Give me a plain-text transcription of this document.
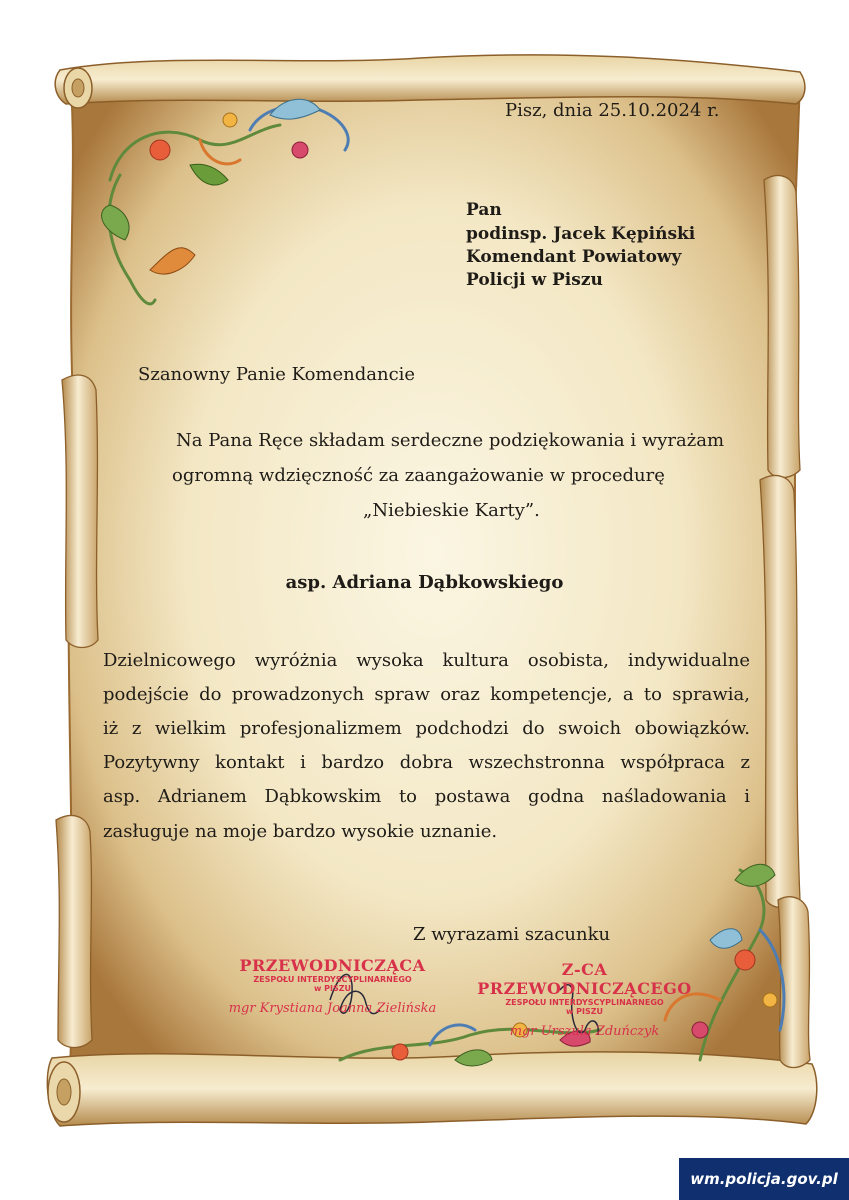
Pisz, dnia 25.10.2024 r.
Pan
podinsp. Jacek Kępiński
Komendant Powiatowy
Policji w Piszu
Szanowny Panie Komendancie
Na Pana Ręce składam serdeczne podziękowania i wyrażam
ogromną wdzięczność za zaangażowanie w procedurę
„Niebieskie Karty”.
asp. Adriana Dąbkowskiego
Dzielnicowego wyróżnia wysoka kultura osobista, indywidualne
podejście do prowadzonych spraw oraz kompetencje, a to sprawia,
iż z wielkim profesjonalizmem podchodzi do swoich obowiązków.
Pozytywny kontakt i bardzo dobra wszechstronna współpraca z
asp. Adrianem Dąbkowskim to postawa godna naśladowania i
zasługuje na moje bardzo wysokie uznanie.
Z wyrazami szacunku
PRZEWODNICZĄCA
ZESPOŁU INTERDYSCYPLINARNEGO
w PISZU
mgr Krystiana Joanna Zielińska
Z-CA PRZEWODNICZĄCEGO
ZESPOŁU INTERDYSCYPLINARNEGO
w PISZU
mgr Urszula Zduńczyk
wm.policja.gov.pl
